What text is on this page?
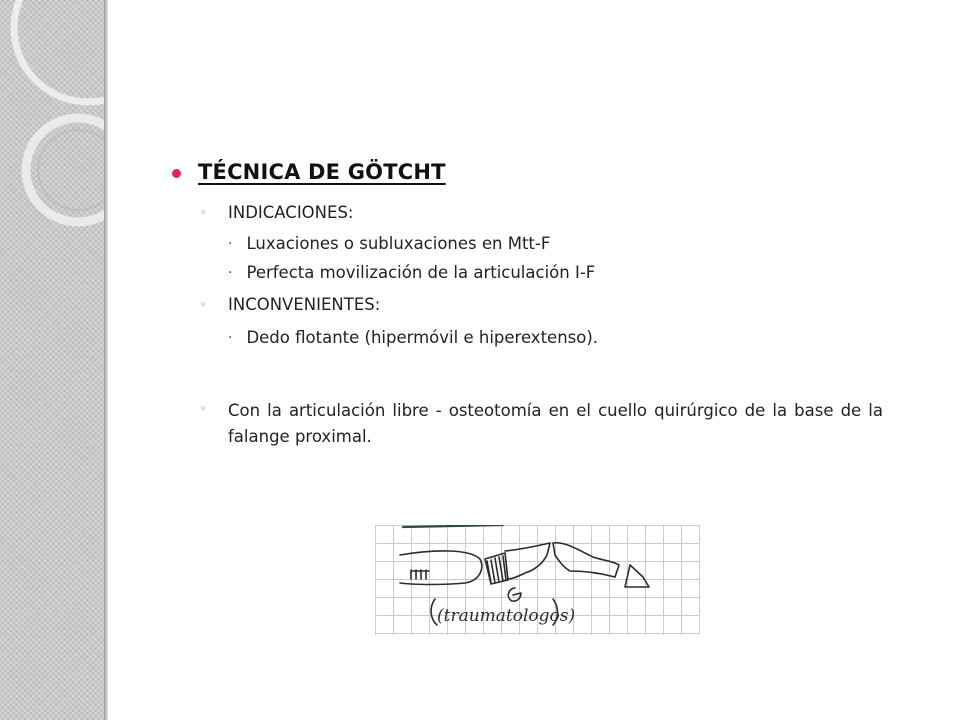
TÉCNICA DE GÖTCHT
◦ INDICACIONES:
· Luxaciones o subluxaciones en Mtt-F
· Perfecta movilización de la articulación I-F
◦ INCONVENIENTES:
· Dedo flotante (hipermóvil e hiperextenso).
◦ Con la articulación libre - osteotomía en el cuello quirúrgico de la base de la falange proximal.
(traumatologos)
